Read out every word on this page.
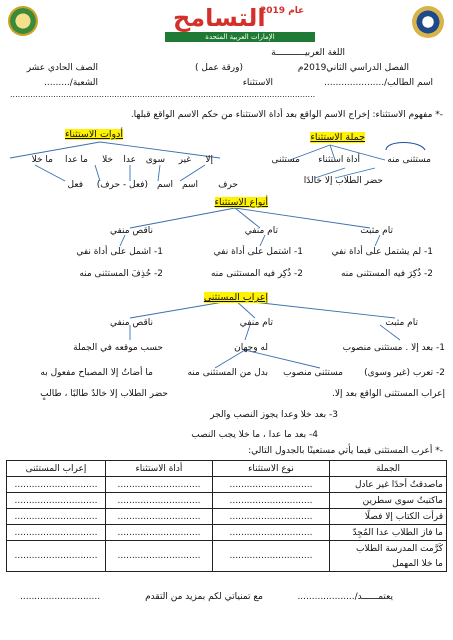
التسامح
2019 عام
الإمارات العربية المتحدة
اللغة العربيـــــــــــة
الفصل الدراسي الثاني2019م
(ورقة عمل )
الصف الحادي عشر
اسم الطالب/.....................
الاستثناء
الشعبة/.........
........................................................................................................................
-* مفهوم الاستثناء: إخراج الاسم الواقع بعد أداة الاستثناء من حكم الاسم الواقع قبلها.
جملة الاستثناء
مستثنى منه
أداة استثناء
مستثنى
حضر الطلاب إلا خالدًا
أدوات الاستثناء
إلا
غير
سوى
عدا
خلا
ما عدا
ما خلا
حرف
اسم
اسم
(فعل - حرف)
فعل
أنواع الاستثناء
تام مثبت
تام منفي
ناقص منفي
1- لم يشتمل على أداة نفي
2- ذُكِرَ فيه المستثنى منه
1- اشتمل على أداة نفي
2- ذُكِر فيه المستثنى منه
1- اشمل على أداة نفي
2- حُذِفَ المستثنى منه
إعراب المستثنى
تام مثبت
تام منفي
ناقص منفي
1- بعد إلا . مستثنى منصوب
له وجهان
حسب موقعه في الجملة
2- تعرب (غير وسوى)
مستثنى منصوب
بدل من المستثنى منه
ما أضاتُ إلا المصباح مفعول به
إعراب المستثنى الواقع بعد إلا.
حضر الطلاب إلا خالدٌ طالبًا ، طالبٍ
3- بعد خلا وعدا يجوز النصب والجر
4- بعد ما عدا ، ما خلا يجب النصب
-* أعرب المستثنى فيما يأتي مستعينًا بالجدول التالي:
الجملة	نوع الاستثناء	أداة الاستثناء	إعراب المستثنى
ماصدقتُ أحدًا غير عادل	.............................	.............................	.............................
ماكتبتُ سوى سطرين	.............................	.............................	.............................
قرأت الكتاب إلا فصلًا	.............................	.............................	.............................
ما فاز الطلاب عدا المُجِدّ	.............................	.............................	.............................
كَرَّمت المدرسة الطلاب	.............................	.............................	.............................
ما خلا المهمل			
مع تمنياتي لكم بمزيد من التقدم	يعتمــــــد/....................
............................
